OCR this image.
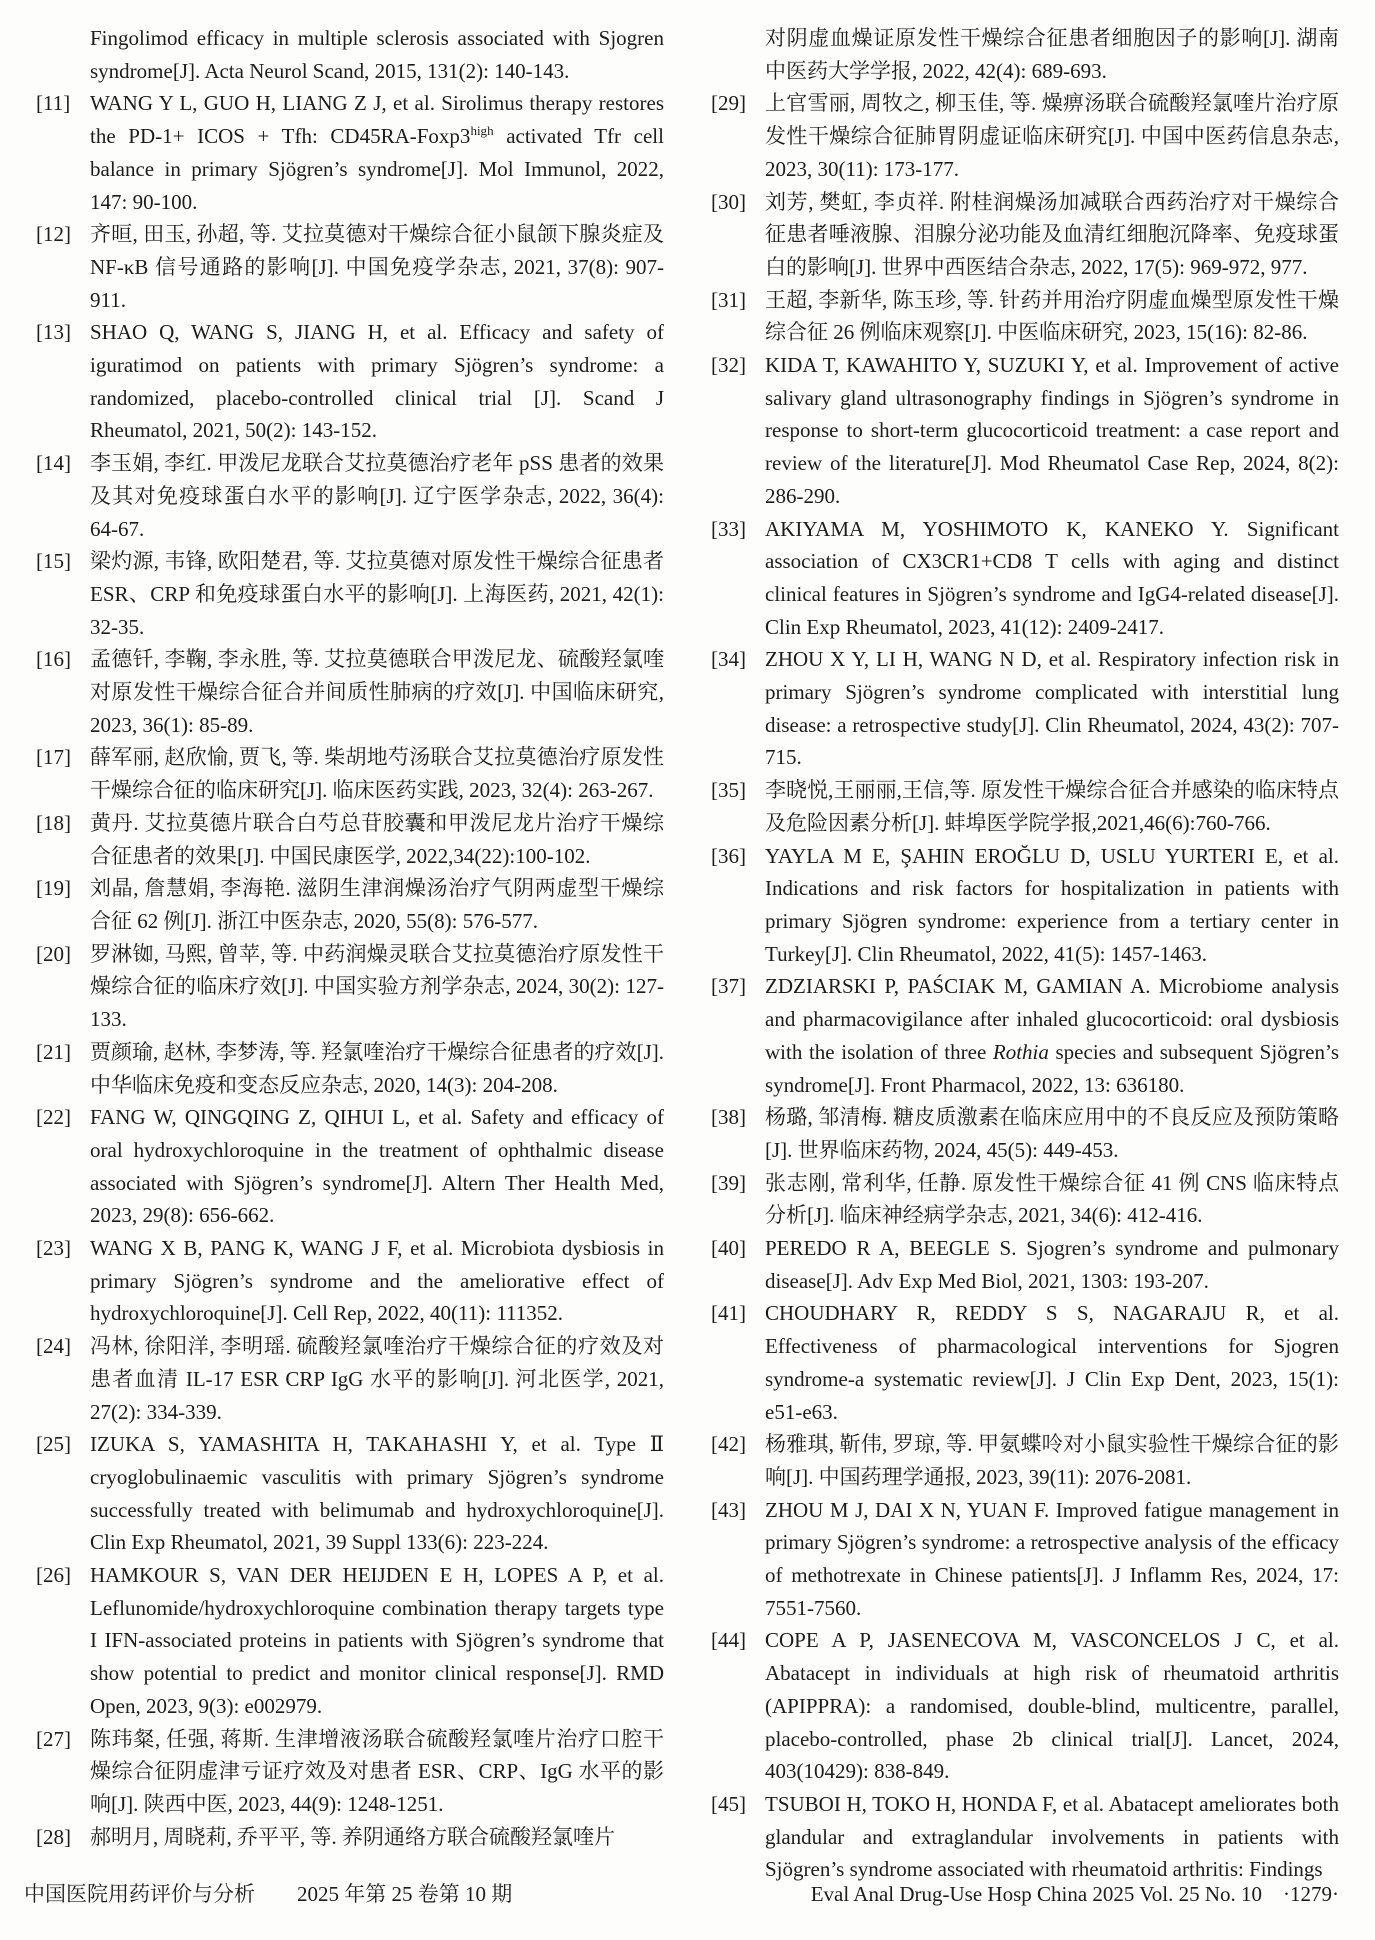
Fingolimod efficacy in multiple sclerosis associated with Sjogren syndrome[J]. Acta Neurol Scand, 2015, 131(2): 140-143.
[11] WANG Y L, GUO H, LIANG Z J, et al. Sirolimus therapy restores the PD-1+ ICOS + Tfh: $CD45RA-Foxp3^{high}$ activated Tfr cell balance in primary Sjögren’s syndrome[J]. Mol Immunol, 2022, 147: 90-100.
[12] 齐晅, 田玉, 孙超, 等. 艾拉莫德对干燥综合征小鼠颌下腺炎症及 NF-κB 信号通路的影响[J]. 中国免疫学杂志, 2021, 37(8): 907-911.
[13] SHAO Q, WANG S, JIANG H, et al. Efficacy and safety of iguratimod on patients with primary Sjögren’s syndrome: a randomized, placebo-controlled clinical trial [J]. Scand J Rheumatol, 2021, 50(2): 143-152.
[14] 李玉娟, 李红. 甲泼尼龙联合艾拉莫德治疗老年 pSS 患者的效果及其对免疫球蛋白水平的影响[J]. 辽宁医学杂志, 2022, 36(4): 64-67.
[15] 梁灼源, 韦锋, 欧阳楚君, 等. 艾拉莫德对原发性干燥综合征患者 ESR、CRP 和免疫球蛋白水平的影响[J]. 上海医药, 2021, 42(1): 32-35.
[16] 孟德钎, 李鞠, 李永胜, 等. 艾拉莫德联合甲泼尼龙、硫酸羟氯喹对原发性干燥综合征合并间质性肺病的疗效[J]. 中国临床研究, 2023, 36(1): 85-89.
[17] 薛军丽, 赵欣愉, 贾飞, 等. 柴胡地芍汤联合艾拉莫德治疗原发性干燥综合征的临床研究[J]. 临床医药实践, 2023, 32(4): 263-267.
[18] 黄丹. 艾拉莫德片联合白芍总苷胶囊和甲泼尼龙片治疗干燥综合征患者的效果[J]. 中国民康医学, 2022,34(22):100-102.
[19] 刘晶, 詹慧娟, 李海艳. 滋阴生津润燥汤治疗气阴两虚型干燥综合征 62 例[J]. 浙江中医杂志, 2020, 55(8): 576-577.
[20] 罗淋铷, 马熙, 曾苹, 等. 中药润燥灵联合艾拉莫德治疗原发性干燥综合征的临床疗效[J]. 中国实验方剂学杂志, 2024, 30(2): 127-133.
[21] 贾颜瑜, 赵林, 李梦涛, 等. 羟氯喹治疗干燥综合征患者的疗效[J]. 中华临床免疫和变态反应杂志, 2020, 14(3): 204-208.
[22] FANG W, QINGQING Z, QIHUI L, et al. Safety and efficacy of oral hydroxychloroquine in the treatment of ophthalmic disease associated with Sjögren’s syndrome[J]. Altern Ther Health Med, 2023, 29(8): 656-662.
[23] WANG X B, PANG K, WANG J F, et al. Microbiota dysbiosis in primary Sjögren’s syndrome and the ameliorative effect of hydroxychloroquine[J]. Cell Rep, 2022, 40(11): 111352.
[24] 冯林, 徐阳洋, 李明瑶. 硫酸羟氯喹治疗干燥综合征的疗效及对患者血清 IL-17 ESR CRP IgG 水平的影响[J]. 河北医学, 2021, 27(2): 334-339.
[25] IZUKA S, YAMASHITA H, TAKAHASHI Y, et al. Type Ⅱ cryoglobulinaemic vasculitis with primary Sjögren’s syndrome successfully treated with belimumab and hydroxychloroquine[J]. Clin Exp Rheumatol, 2021, 39 Suppl 133(6): 223-224.
[26] HAMKOUR S, VAN DER HEIJDEN E H, LOPES A P, et al. Leflunomide/hydroxychloroquine combination therapy targets type I IFN-associated proteins in patients with Sjögren’s syndrome that show potential to predict and monitor clinical response[J]. RMD Open, 2023, 9(3): e002979.
[27] 陈玮粲, 任强, 蒋斯. 生津增液汤联合硫酸羟氯喹片治疗口腔干燥综合征阴虚津亏证疗效及对患者 ESR、CRP、IgG 水平的影响[J]. 陕西中医, 2023, 44(9): 1248-1251.
[28] 郝明月, 周晓莉, 乔平平, 等. 养阴通络方联合硫酸羟氯喹片
对阴虚血燥证原发性干燥综合征患者细胞因子的影响[J]. 湖南中医药大学学报, 2022, 42(4): 689-693.
[29] 上官雪丽, 周牧之, 柳玉佳, 等. 燥痹汤联合硫酸羟氯喹片治疗原发性干燥综合征肺胃阴虚证临床研究[J]. 中国中医药信息杂志, 2023, 30(11): 173-177.
[30] 刘芳, 樊虹, 李贞祥. 附桂润燥汤加减联合西药治疗对干燥综合征患者唾液腺、泪腺分泌功能及血清红细胞沉降率、免疫球蛋白的影响[J]. 世界中西医结合杂志, 2022, 17(5): 969-972, 977.
[31] 王超, 李新华, 陈玉珍, 等. 针药并用治疗阴虚血燥型原发性干燥综合征 26 例临床观察[J]. 中医临床研究, 2023, 15(16): 82-86.
[32] KIDA T, KAWAHITO Y, SUZUKI Y, et al. Improvement of active salivary gland ultrasonography findings in Sjögren’s syndrome in response to short-term glucocorticoid treatment: a case report and review of the literature[J]. Mod Rheumatol Case Rep, 2024, 8(2): 286-290.
[33] AKIYAMA M, YOSHIMOTO K, KANEKO Y. Significant association of CX3CR1+CD8 T cells with aging and distinct clinical features in Sjögren’s syndrome and IgG4-related disease[J]. Clin Exp Rheumatol, 2023, 41(12): 2409-2417.
[34] ZHOU X Y, LI H, WANG N D, et al. Respiratory infection risk in primary Sjögren’s syndrome complicated with interstitial lung disease: a retrospective study[J]. Clin Rheumatol, 2024, 43(2): 707-715.
[35] 李晓悦,王丽丽,王信,等. 原发性干燥综合征合并感染的临床特点及危险因素分析[J]. 蚌埠医学院学报,2021,46(6):760-766.
[36] YAYLA M E, ŞAHIN EROĞLU D, USLU YURTERI E, et al. Indications and risk factors for hospitalization in patients with primary Sjögren syndrome: experience from a tertiary center in Turkey[J]. Clin Rheumatol, 2022, 41(5): 1457-1463.
[37] ZDZIARSKI P, PAŚCIAK M, GAMIAN A. Microbiome analysis and pharmacovigilance after inhaled glucocorticoid: oral dysbiosis with the isolation of three Rothia species and subsequent Sjögren’s syndrome[J]. Front Pharmacol, 2022, 13: 636180.
[38] 杨璐, 邹清梅. 糖皮质激素在临床应用中的不良反应及预防策略[J]. 世界临床药物, 2024, 45(5): 449-453.
[39] 张志刚, 常利华, 任静. 原发性干燥综合征 41 例 CNS 临床特点分析[J]. 临床神经病学杂志, 2021, 34(6): 412-416.
[40] PEREDO R A, BEEGLE S. Sjogren’s syndrome and pulmonary disease[J]. Adv Exp Med Biol, 2021, 1303: 193-207.
[41] CHOUDHARY R, REDDY S S, NAGARAJU R, et al. Effectiveness of pharmacological interventions for Sjogren syndrome-a systematic review[J]. J Clin Exp Dent, 2023, 15(1): e51-e63.
[42] 杨雅琪, 靳伟, 罗琼, 等. 甲氨蝶呤对小鼠实验性干燥综合征的影响[J]. 中国药理学通报, 2023, 39(11): 2076-2081.
[43] ZHOU M J, DAI X N, YUAN F. Improved fatigue management in primary Sjögren’s syndrome: a retrospective analysis of the efficacy of methotrexate in Chinese patients[J]. J Inflamm Res, 2024, 17: 7551-7560.
[44] COPE A P, JASENECOVA M, VASCONCELOS J C, et al. Abatacept in individuals at high risk of rheumatoid arthritis (APIPPRA): a randomised, double-blind, multicentre, parallel, placebo-controlled, phase 2b clinical trial[J]. Lancet, 2024, 403(10429): 838-849.
[45] TSUBOI H, TOKO H, HONDA F, et al. Abatacept ameliorates both glandular and extraglandular involvements in patients with Sjögren’s syndrome associated with rheumatoid arthritis: Findings
中国医院用药评价与分析　　2025 年第 25 卷第 10 期	Eval Anal Drug-Use Hosp China 2025 Vol. 25 No. 10　·1279·
